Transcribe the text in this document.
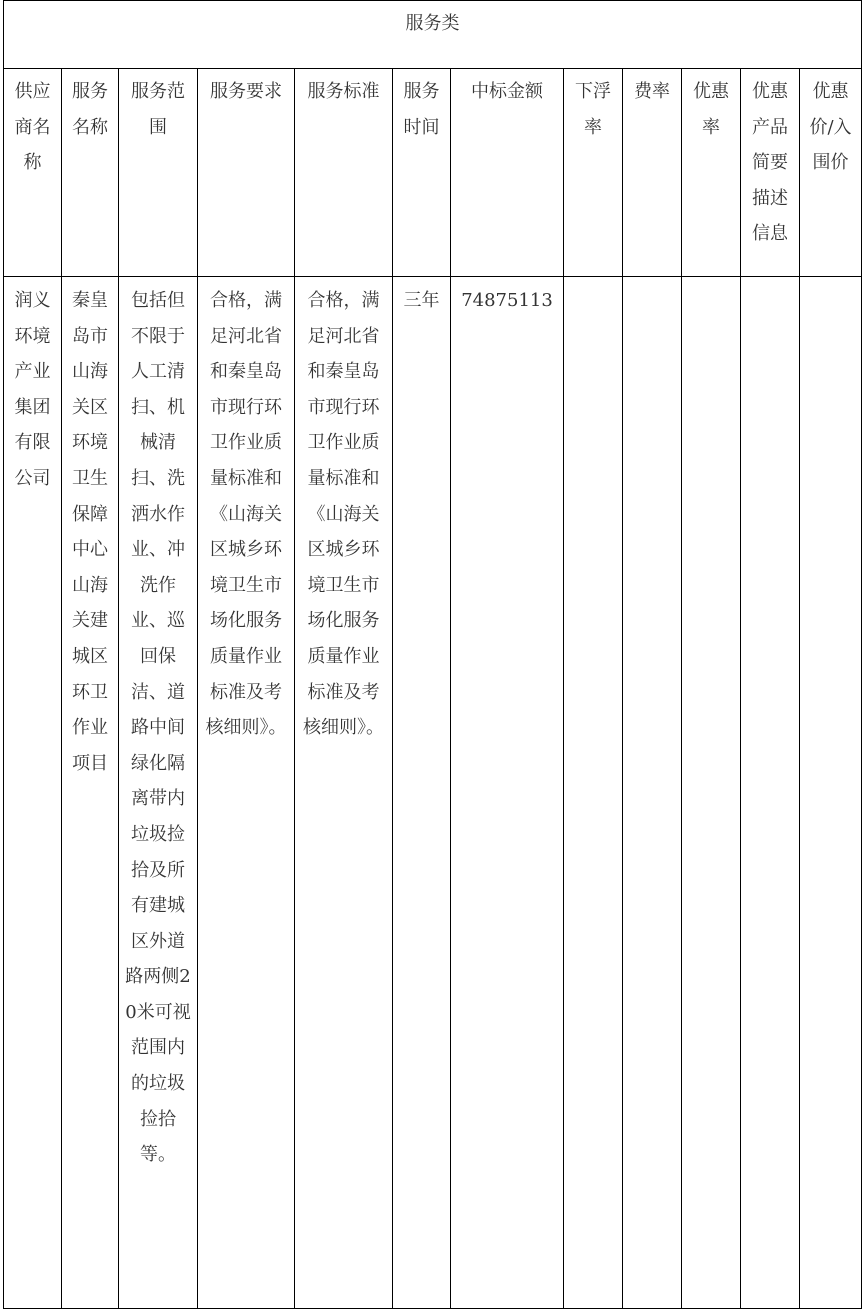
服务类											
供应商名称	服务名称	服务范围	服务要求	服务标准	服务时间	中标金额	下浮率	费率	优惠率	优惠产品简要描述信息	优惠价/入围价
润义环境产业集团有限公司	秦皇岛市山海关区环境卫生保障中心山海关建城区环卫作业项目	包括但不限于人工清扫、机械清扫、洗洒水作业、冲洗作业、巡回保洁、道路中间绿化隔离带内垃圾捡拾及所有建城区外道路两侧20米可视范围内的垃圾捡拾等。	合格，满足河北省和秦皇岛市现行环卫作业质量标准和《山海关区城乡环境卫生市场化服务质量作业标准及考核细则》。	合格，满足河北省和秦皇岛市现行环卫作业质量标准和《山海关区城乡环境卫生市场化服务质量作业标准及考核细则》。	三年	74875113					
